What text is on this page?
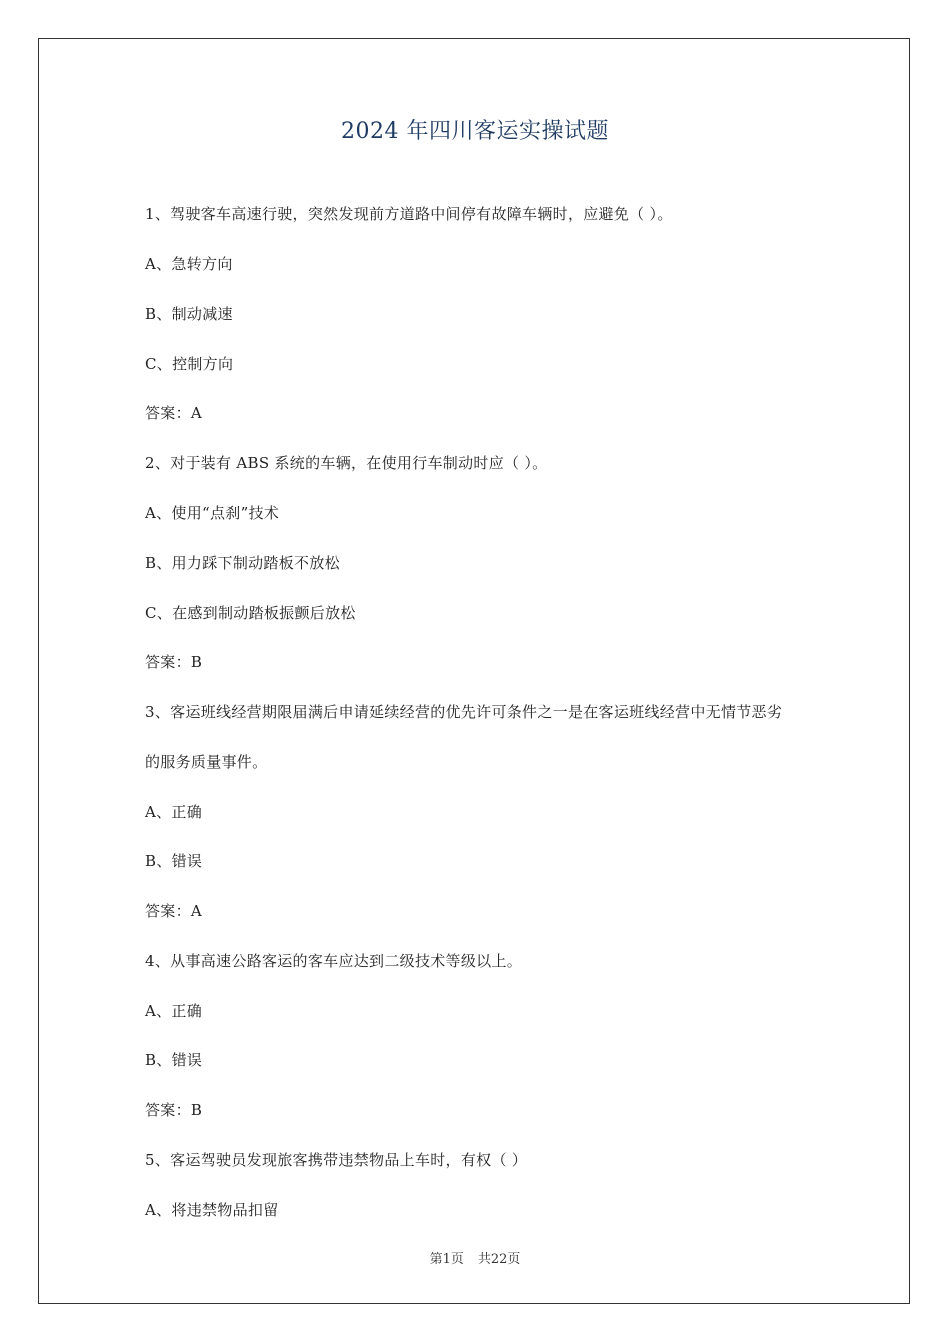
2024 年四川客运实操试题
1、驾驶客车高速行驶，突然发现前方道路中间停有故障车辆时，应避免（ ）。
A、急转方向
B、制动减速
C、控制方向
答案：A
2、对于装有 ABS 系统的车辆，在使用行车制动时应（ ）。
A、使用“点刹”技术
B、用力踩下制动踏板不放松
C、在感到制动踏板振颤后放松
答案：B
3、客运班线经营期限届满后申请延续经营的优先许可条件之一是在客运班线经营中无情节恶劣
的服务质量事件。
A、正确
B、错误
答案：A
4、从事高速公路客运的客车应达到二级技术等级以上。
A、正确
B、错误
答案：B
5、客运驾驶员发现旅客携带违禁物品上车时，有权（ ）
A、将违禁物品扣留
第1页 共22页
